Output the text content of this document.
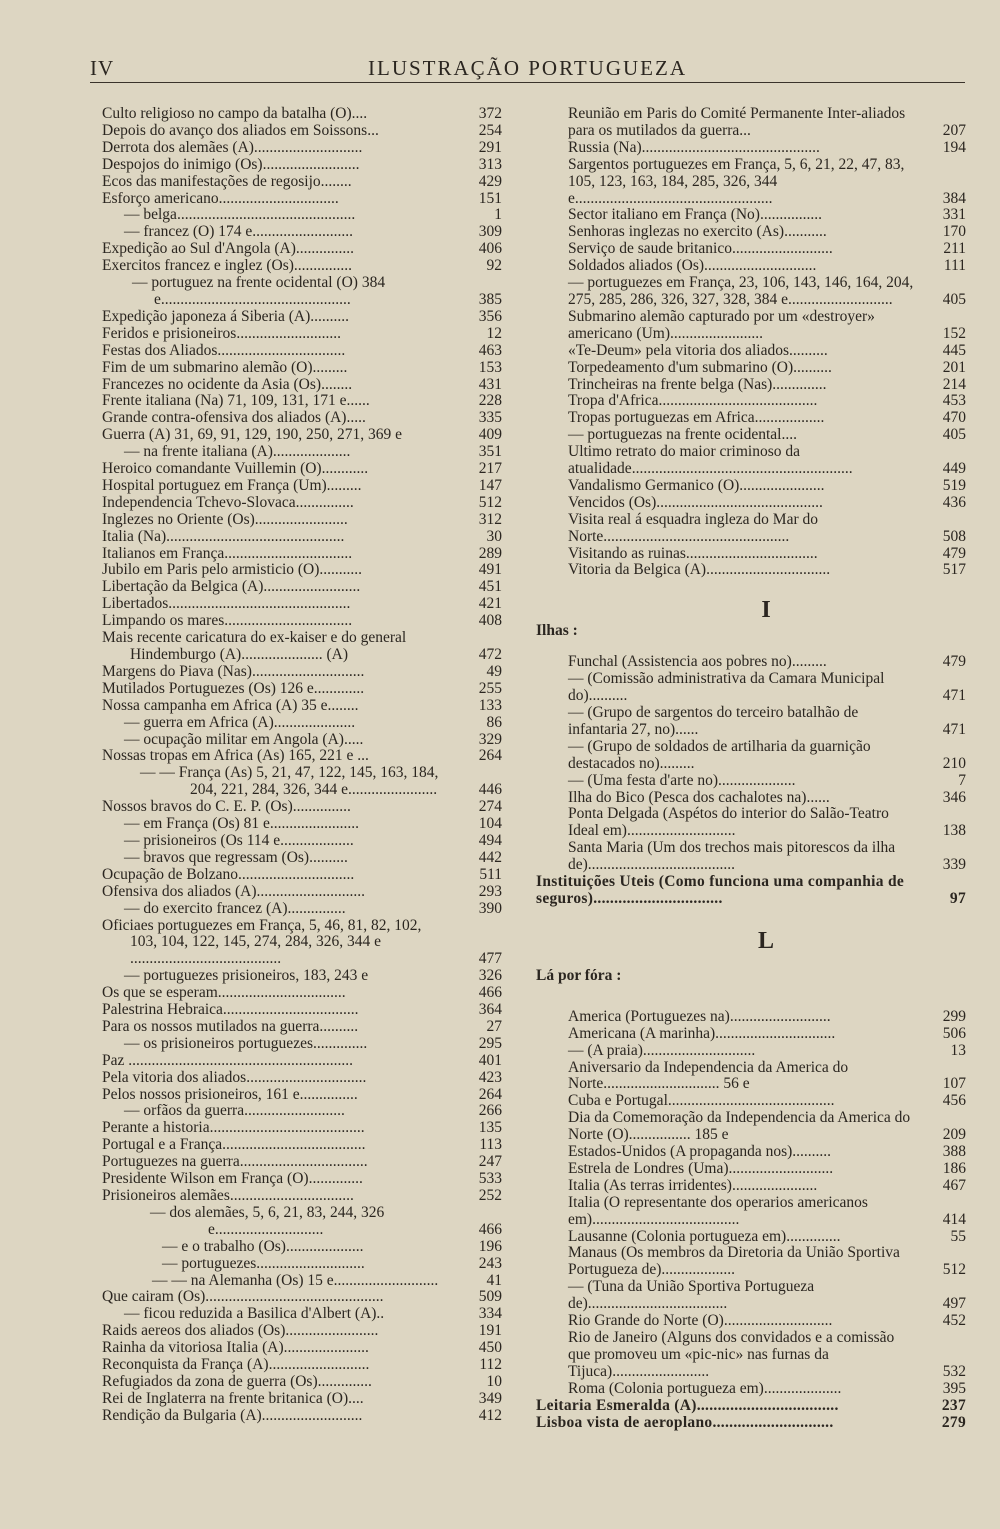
IV	ILUSTRAÇÃO PORTUGUEZA
Culto religioso no campo da batalha (O)....	372
Depois do avanço dos aliados em Soissons...	254
Derrota dos alemães (A)............................	291
Despojos do inimigo (Os).........................	313
Ecos das manifestações de regosijo........	429
Esforço americano...............................	151
— belga..............................................	1
— francez (O) 174 e..........................	309
Expedição ao Sul d'Angola (A)...............	406
Exercitos francez e inglez (Os)...............	92
— portuguez na frente ocidental (O) 384 e.................................................	385
Expedição japoneza á Siberia (A)..........	356
Feridos e prisioneiros...........................	12
Festas dos Aliados.................................	463
Fim de um submarino alemão (O).........	153
Francezes no ocidente da Asia (Os)........	431
Frente italiana (Na) 71, 109, 131, 171 e......	228
Grande contra-ofensiva dos aliados (A).....	335
Guerra (A) 31, 69, 91, 129, 190, 250, 271, 369 e	409
— na frente italiana (A)....................	351
Heroico comandante Vuillemin (O)............	217
Hospital portuguez em França (Um).........	147
Independencia Tchevo-Slovaca...............	512
Inglezes no Oriente (Os)........................	312
Italia (Na)..............................................	30
Italianos em França.................................	289
Jubilo em Paris pelo armisticio (O)...........	491
Libertação da Belgica (A).........................	451
Libertados...............................................	421
Limpando os mares.................................	408
Mais recente caricatura do ex-kaiser e do general Hindemburgo (A)..................... (A)	472
Margens do Piava (Nas).............................	49
Mutilados Portuguezes (Os) 126 e.............	255
Nossa campanha em Africa (A) 35 e........	133
— guerra em Africa (A).....................	86
— ocupação militar em Angola (A).....	329
Nossas tropas em Africa (As) 165, 221 e ...	264
— — França (As) 5, 21, 47, 122, 145, 163, 184, 204, 221, 284, 326, 344 e.......................	446
Nossos bravos do C. E. P. (Os)...............	274
— em França (Os) 81 e.......................	104
— prisioneiros (Os 114 e...................	494
— bravos que regressam (Os)..........	442
Ocupação de Bolzano..............................	511
Ofensiva dos aliados (A)............................	293
— do exercito francez (A)...............	390
Oficiaes portuguezes em França, 5, 46, 81, 82, 102, 103, 104, 122, 145, 274, 284, 326, 344 e .......................................	477
— portuguezes prisioneiros, 183, 243 e	326
Os que se esperam.................................	466
Palestrina Hebraica...................................	364
Para os nossos mutilados na guerra..........	27
— os prisioneiros portuguezes..............	295
Paz ..........................................................	401
Pela vitoria dos aliados...............................	423
Pelos nossos prisioneiros, 161 e...............	264
— orfãos da guerra..........................	266
Perante a historia........................................	135
Portugal e a França.....................................	113
Portuguezes na guerra.................................	247
Presidente Wilson em França (O)..............	533
Prisioneiros alemães................................	252
— dos alemães, 5, 6, 21, 83, 244, 326 e............................	466
— e o trabalho (Os)....................	196
— portuguezes............................	243
— — na Alemanha (Os) 15 e...........................	41
Que cairam (Os)..............................................	509
— ficou reduzida a Basilica d'Albert (A)..	334
Raids aereos dos aliados (Os)........................	191
Rainha da vitoriosa Italia (A)......................	450
Reconquista da França (A)..........................	112
Refugiados da zona de guerra (Os)..............	10
Rei de Inglaterra na frente britanica (O)....	349
Rendição da Bulgaria (A)..........................	412
Reunião em Paris do Comité Permanente Inter-aliados para os mutilados da guerra...	207
Russia (Na)..............................................	194
Sargentos portuguezes em França, 5, 6, 21, 22, 47, 83, 105, 123, 163, 184, 285, 326, 344 e...................................................	384
Sector italiano em França (No)................	331
Senhoras inglezas no exercito (As)...........	170
Serviço de saude britanico..........................	211
Soldados aliados (Os).............................	111
— portuguezes em França, 23, 106, 143, 146, 164, 204, 275, 285, 286, 326, 327, 328, 384 e...........................	405
Submarino alemão capturado por um «destroyer» americano (Um)........................	152
«Te-Deum» pela vitoria dos aliados..........	445
Torpedeamento d'um submarino (O)..........	201
Trincheiras na frente belga (Nas)..............	214
Tropa d'Africa.........................................	453
Tropas portuguezas em Africa..................	470
— portuguezas na frente ocidental....	405
Ultimo retrato do maior criminoso da atualidade.........................................................	449
Vandalismo Germanico (O)......................	519
Vencidos (Os)...........................................	436
Visita real á esquadra ingleza do Mar do Norte................................................	508
Visitando as ruinas..................................	479
Vitoria da Belgica (A)................................	517
I
Ilhas :
Funchal (Assistencia aos pobres no).........	479
— (Comissão administrativa da Camara Municipal do)..........	471
— (Grupo de sargentos do terceiro batalhão de infantaria 27, no)......	471
— (Grupo de soldados de artilharia da guarnição destacados no).........	210
— (Uma festa d'arte no)....................	7
Ilha do Bico (Pesca dos cachalotes na)......	346
Ponta Delgada (Aspétos do interior do Salão-Teatro Ideal em)............................	138
Santa Maria (Um dos trechos mais pitorescos da ilha de)......................................	339
Instituições Uteis (Como funciona uma companhia de seguros)...............................	97
L
Lá por fóra :
America (Portuguezes na)..........................	299
Americana (A marinha)...............................	506
— (A praia).............................	13
Aniversario da Independencia da America do Norte.............................. 56 e	107
Cuba e Portugal...........................................	456
Dia da Comemoração da Independencia da America do Norte (O)................ 185 e	209
Estados-Unidos (A propaganda nos)..........	388
Estrela de Londres (Uma)...........................	186
Italia (As terras irridentes)......................	467
Italia (O representante dos operarios americanos em)......................................	414
Lausanne (Colonia portugueza em)..............	55
Manaus (Os membros da Diretoria da União Sportiva Portugueza de)...................	512
— (Tuna da União Sportiva Portugueza de)....................................	497
Rio Grande do Norte (O)............................	452
Rio de Janeiro (Alguns dos convidados e a comissão que promoveu um «pic-nic» nas furnas da Tijuca).........................	532
Roma (Colonia portugueza em)....................	395
Leitaria Esmeralda (A)..................................	237
Lisboa vista de aeroplano.............................	279
